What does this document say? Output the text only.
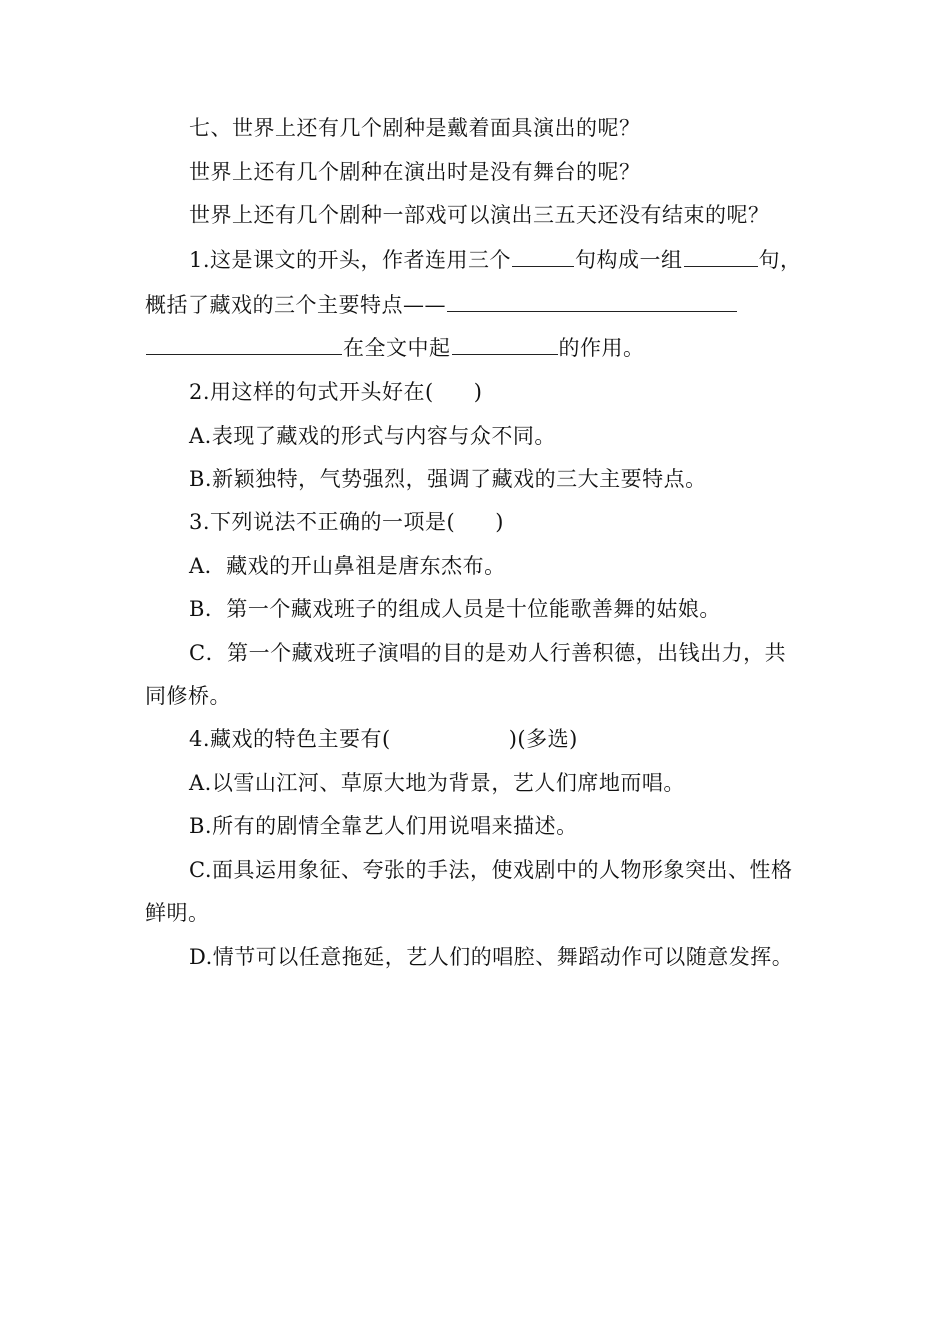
七、世界上还有几个剧种是戴着面具演出的呢？
世界上还有几个剧种在演出时是没有舞台的呢？
世界上还有几个剧种一部戏可以演出三五天还没有结束的呢？
1.这是课文的开头，作者连用三个	句构成一组	句，
概括了藏戏的三个主要特点——
在全文中起	的作用。
2.用这样的句式开头好在( )
A.表现了藏戏的形式与内容与众不同。
B.新颖独特，气势强烈，强调了藏戏的三大主要特点。
3.下列说法不正确的一项是( )
A．藏戏的开山鼻祖是唐东杰布。
B．第一个藏戏班子的组成人员是十位能歌善舞的姑娘。
C．第一个藏戏班子演唱的目的是劝人行善积德，出钱出力，共
同修桥。
4.藏戏的特色主要有(	)(多选)
A.以雪山江河、草原大地为背景，艺人们席地而唱。
B.所有的剧情全靠艺人们用说唱来描述。
C.面具运用象征、夸张的手法，使戏剧中的人物形象突出、性格
鲜明。
D.情节可以任意拖延，艺人们的唱腔、舞蹈动作可以随意发挥。
